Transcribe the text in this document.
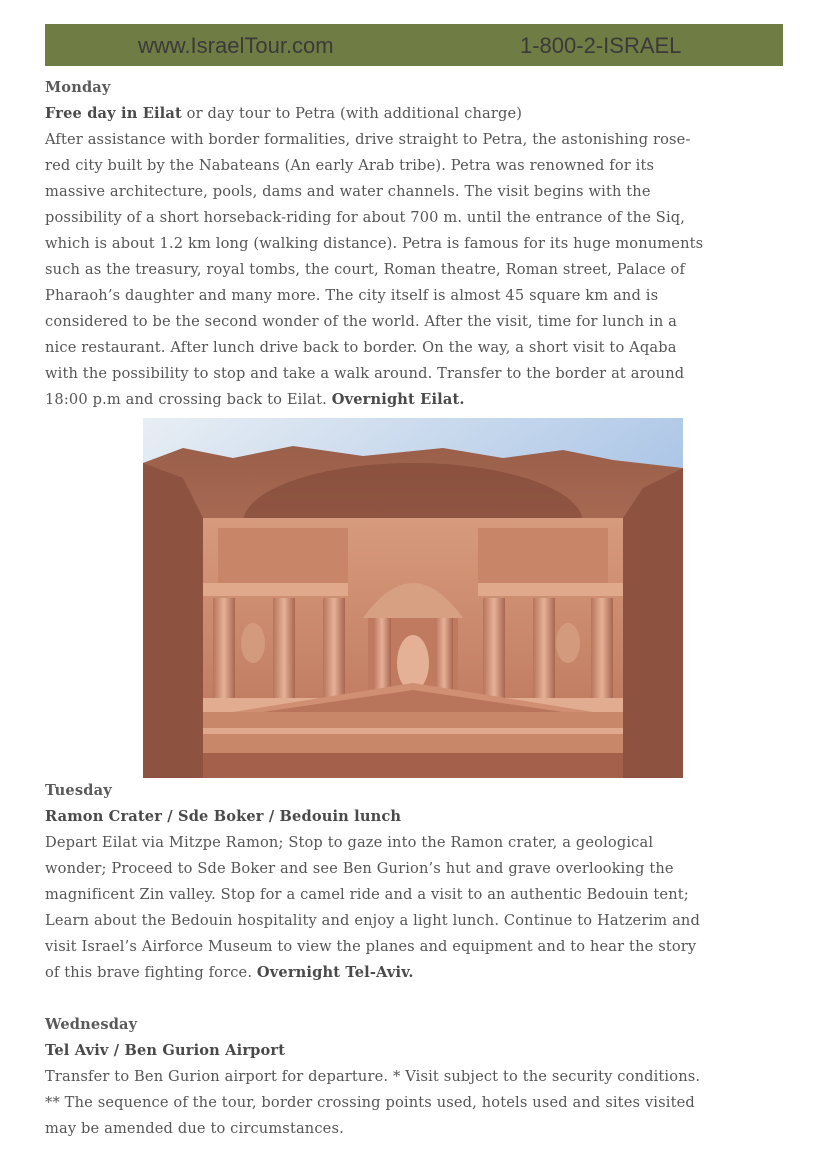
www.IsraelTour.com	1-800-2-ISRAEL

Monday

Free day in Eilat or day tour to Petra (with additional charge)

After assistance with border formalities, drive straight to Petra, the astonishing rose-red city built by the Nabateans (An early Arab tribe). Petra was renowned for its massive architecture, pools, dams and water channels. The visit begins with the possibility of a short horseback-riding for about 700 m. until the entrance of the Siq, which is about 1.2 km long (walking distance). Petra is famous for its huge monuments such as the treasury, royal tombs, the court, Roman theatre, Roman street, Palace of Pharaoh’s daughter and many more. The city itself is almost 45 square km and is considered to be the second wonder of the world. After the visit, time for lunch in a nice restaurant. After lunch drive back to border. On the way, a short visit to Aqaba with the possibility to stop and take a walk around. Transfer to the border at around 18:00 p.m and crossing back to Eilat. Overnight Eilat.

Tuesday

Ramon Crater / Sde Boker / Bedouin lunch

Depart Eilat via Mitzpe Ramon; Stop to gaze into the Ramon crater, a geological wonder; Proceed to Sde Boker and see Ben Gurion’s hut and grave overlooking the magnificent Zin valley. Stop for a camel ride and a visit to an authentic Bedouin tent; Learn about the Bedouin hospitality and enjoy a light lunch. Continue to Hatzerim and visit Israel’s Airforce Museum to view the planes and equipment and to hear the story of this brave fighting force. Overnight Tel-Aviv.

Wednesday

Tel Aviv / Ben Gurion Airport

Transfer to Ben Gurion airport for departure. * Visit subject to the security conditions. ** The sequence of the tour, border crossing points used, hotels used and sites visited may be amended due to circumstances.
